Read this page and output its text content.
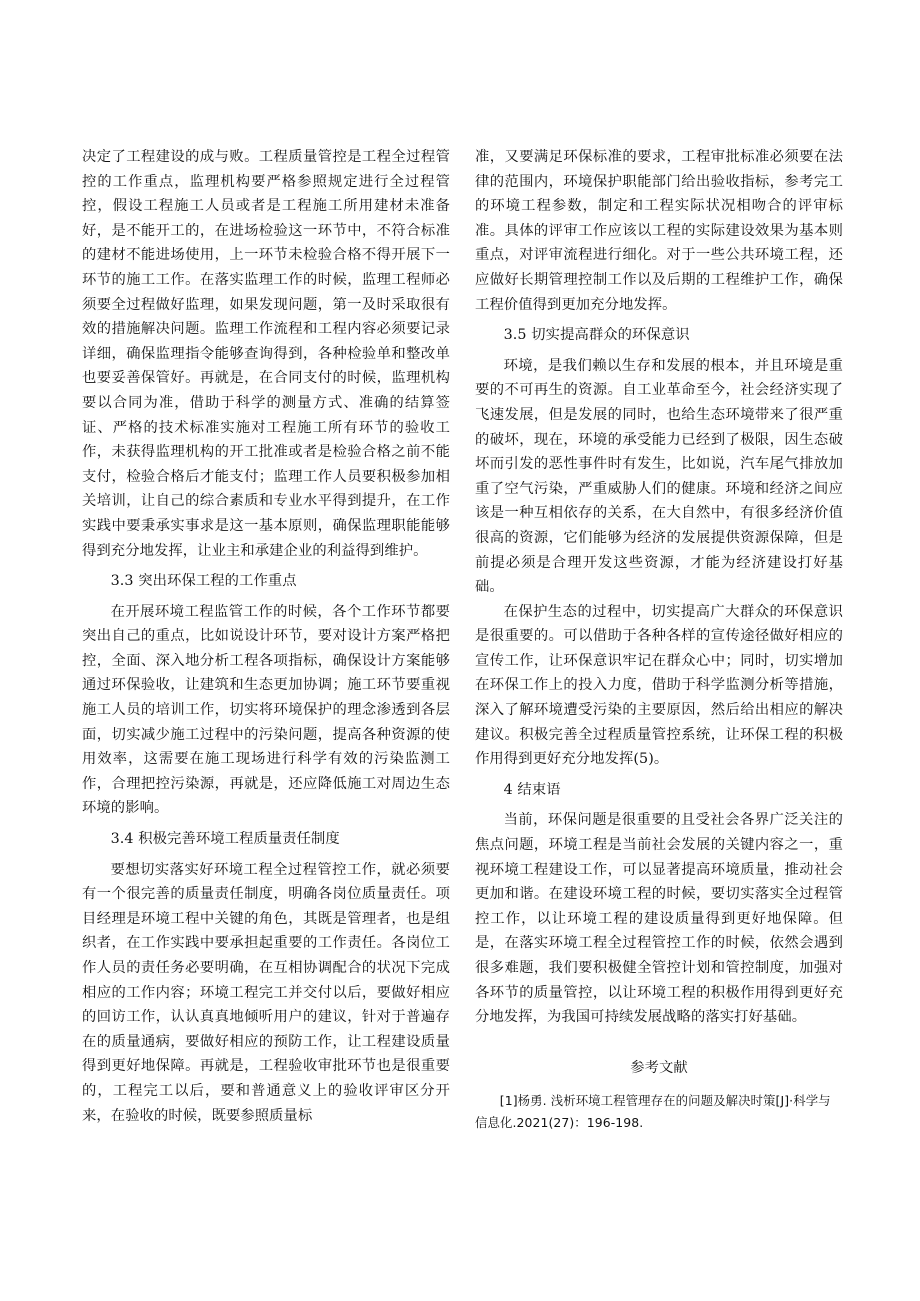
决定了工程建设的成与败。工程质量管控是工程全过程管控的工作重点，监理机构要严格参照规定进行全过程管控，假设工程施工人员或者是工程施工所用建材未准备好，是不能开工的，在进场检验这一环节中，不符合标准的建材不能进场使用，上一环节未检验合格不得开展下一环节的施工工作。在落实监理工作的时候，监理工程师必须要全过程做好监理，如果发现问题，第一及时采取很有效的措施解决问题。监理工作流程和工程内容必须要记录详细，确保监理指令能够查询得到，各种检验单和整改单也要妥善保管好。再就是，在合同支付的时候，监理机构要以合同为准，借助于科学的测量方式、准确的结算签证、严格的技术标准实施对工程施工所有环节的验收工作，未获得监理机构的开工批准或者是检验合格之前不能支付，检验合格后才能支付；监理工作人员要积极参加相关培训，让自己的综合素质和专业水平得到提升，在工作实践中要秉承实事求是这一基本原则，确保监理职能能够得到充分地发挥，让业主和承建企业的利益得到维护。

3.3 突出环保工程的工作重点

在开展环境工程监管工作的时候，各个工作环节都要突出自己的重点，比如说设计环节，要对设计方案严格把控，全面、深入地分析工程各项指标，确保设计方案能够通过环保验收，让建筑和生态更加协调；施工环节要重视施工人员的培训工作，切实将环境保护的理念渗透到各层面，切实减少施工过程中的污染问题，提高各种资源的使用效率，这需要在施工现场进行科学有效的污染监测工作，合理把控污染源，再就是，还应降低施工对周边生态环境的影响。

3.4 积极完善环境工程质量责任制度

要想切实落实好环境工程全过程管控工作，就必须要有一个很完善的质量责任制度，明确各岗位质量责任。项目经理是环境工程中关键的角色，其既是管理者，也是组织者，在工作实践中要承担起重要的工作责任。各岗位工作人员的责任务必要明确，在互相协调配合的状况下完成相应的工作内容；环境工程完工并交付以后，要做好相应的回访工作，认认真真地倾听用户的建议，针对于普遍存在的质量通病，要做好相应的预防工作，让工程建设质量得到更好地保障。再就是，工程验收审批环节也是很重要的，工程完工以后，要和普通意义上的验收评审区分开来，在验收的时候，既要参照质量标

准，又要满足环保标准的要求，工程审批标准必须要在法律的范围内，环境保护职能部门给出验收指标，参考完工的环境工程参数，制定和工程实际状况相吻合的评审标准。具体的评审工作应该以工程的实际建设效果为基本则重点，对评审流程进行细化。对于一些公共环境工程，还应做好长期管理控制工作以及后期的工程维护工作，确保工程价值得到更加充分地发挥。

3.5 切实提高群众的环保意识

环境，是我们赖以生存和发展的根本，并且环境是重要的不可再生的资源。自工业革命至今，社会经济实现了飞速发展，但是发展的同时，也给生态环境带来了很严重的破坏，现在，环境的承受能力已经到了极限，因生态破坏而引发的恶性事件时有发生，比如说，汽车尾气排放加重了空气污染，严重威胁人们的健康。环境和经济之间应该是一种互相依存的关系，在大自然中，有很多经济价值很高的资源，它们能够为经济的发展提供资源保障，但是前提必须是合理开发这些资源，才能为经济建设打好基础。

在保护生态的过程中，切实提高广大群众的环保意识是很重要的。可以借助于各种各样的宣传途径做好相应的宣传工作，让环保意识牢记在群众心中；同时，切实增加在环保工作上的投入力度，借助于科学监测分析等措施，深入了解环境遭受污染的主要原因，然后给出相应的解决建议。积极完善全过程质量管控系统，让环保工程的积极作用得到更好充分地发挥(5)。

4 结束语

当前，环保问题是很重要的且受社会各界广泛关注的焦点问题，环境工程是当前社会发展的关键内容之一，重视环境工程建设工作，可以显著提高环境质量，推动社会更加和谐。在建设环境工程的时候，要切实落实全过程管控工作，以让环境工程的建设质量得到更好地保障。但是，在落实环境工程全过程管控工作的时候，依然会遇到很多难题，我们要积极健全管控计划和管控制度，加强对各环节的质量管控，以让环境工程的积极作用得到更好充分地发挥，为我国可持续发展战略的落实打好基础。

参考文献

[1]杨勇. 浅析环境工程管理存在的问题及解决时策[J]·科学与信息化.2021(27)：196-198.
